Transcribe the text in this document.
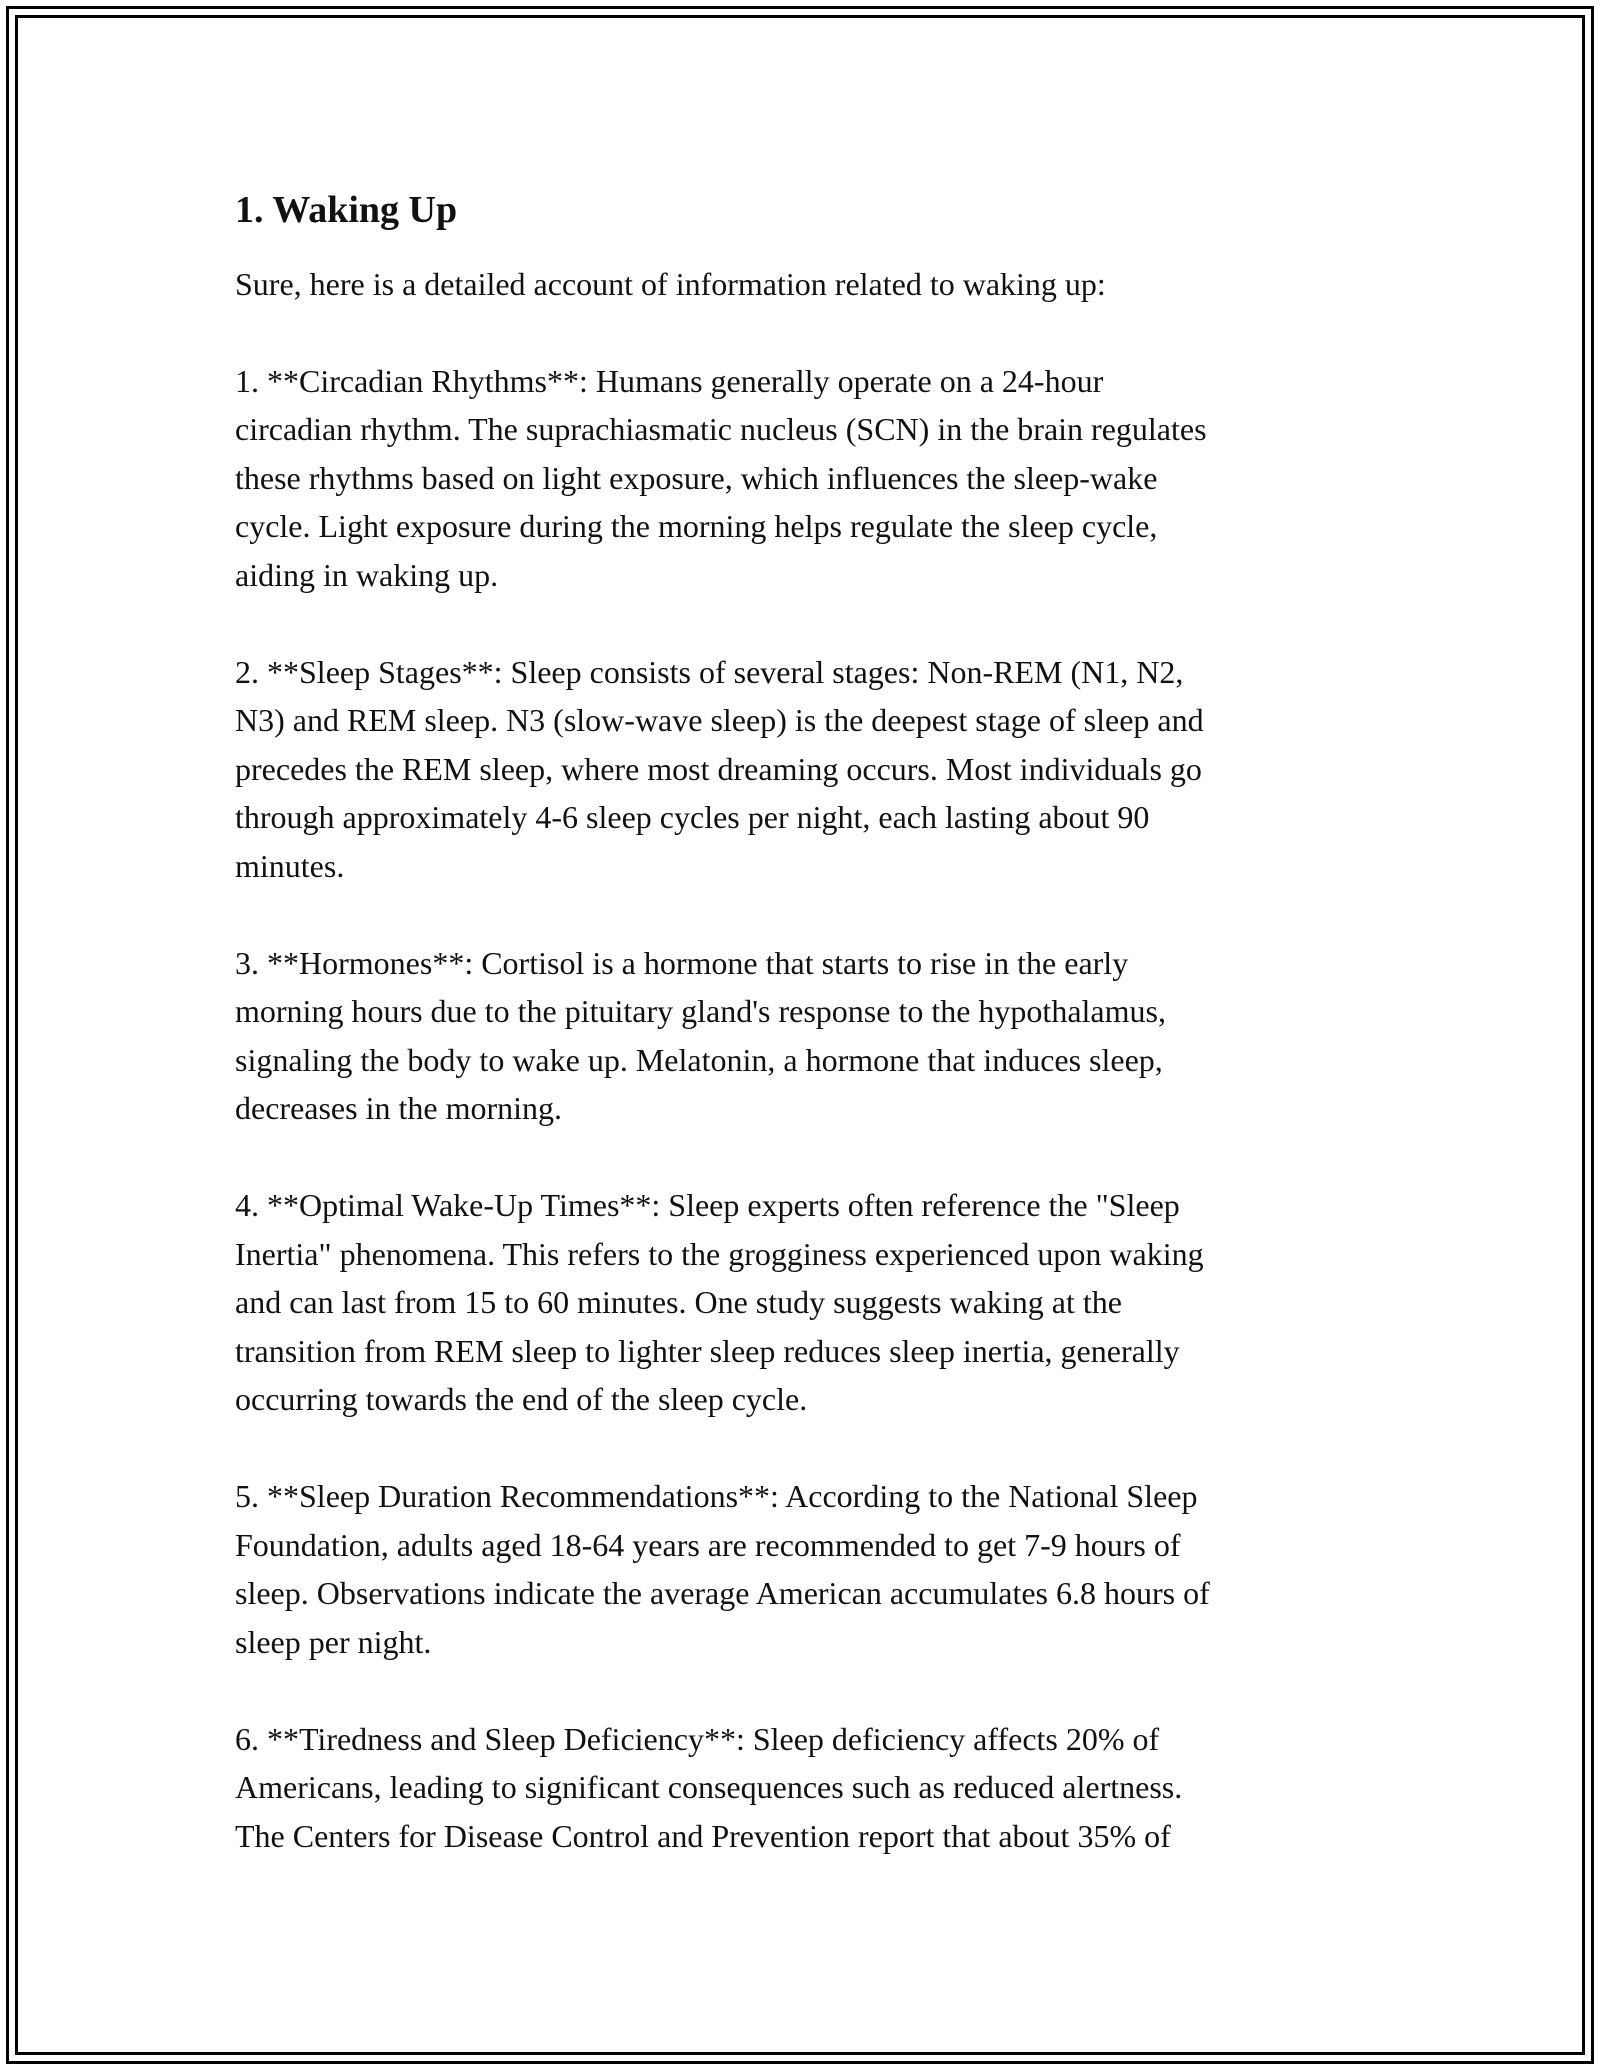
1. Waking Up

Sure, here is a detailed account of information related to waking up:

1. **Circadian Rhythms**: Humans generally operate on a 24-hour

circadian rhythm. The suprachiasmatic nucleus (SCN) in the brain regulates

these rhythms based on light exposure, which influences the sleep-wake

cycle. Light exposure during the morning helps regulate the sleep cycle,

aiding in waking up.

2. **Sleep Stages**: Sleep consists of several stages: Non-REM (N1, N2,

N3) and REM sleep. N3 (slow-wave sleep) is the deepest stage of sleep and

precedes the REM sleep, where most dreaming occurs. Most individuals go

through approximately 4-6 sleep cycles per night, each lasting about 90

minutes.

3. **Hormones**: Cortisol is a hormone that starts to rise in the early

morning hours due to the pituitary gland's response to the hypothalamus,

signaling the body to wake up. Melatonin, a hormone that induces sleep,

decreases in the morning.

4. **Optimal Wake-Up Times**: Sleep experts often reference the "Sleep

Inertia" phenomena. This refers to the grogginess experienced upon waking

and can last from 15 to 60 minutes. One study suggests waking at the

transition from REM sleep to lighter sleep reduces sleep inertia, generally

occurring towards the end of the sleep cycle.

5. **Sleep Duration Recommendations**: According to the National Sleep

Foundation, adults aged 18-64 years are recommended to get 7-9 hours of

sleep. Observations indicate the average American accumulates 6.8 hours of

sleep per night.

6. **Tiredness and Sleep Deficiency**: Sleep deficiency affects 20% of

Americans, leading to significant consequences such as reduced alertness.

The Centers for Disease Control and Prevention report that about 35% of
